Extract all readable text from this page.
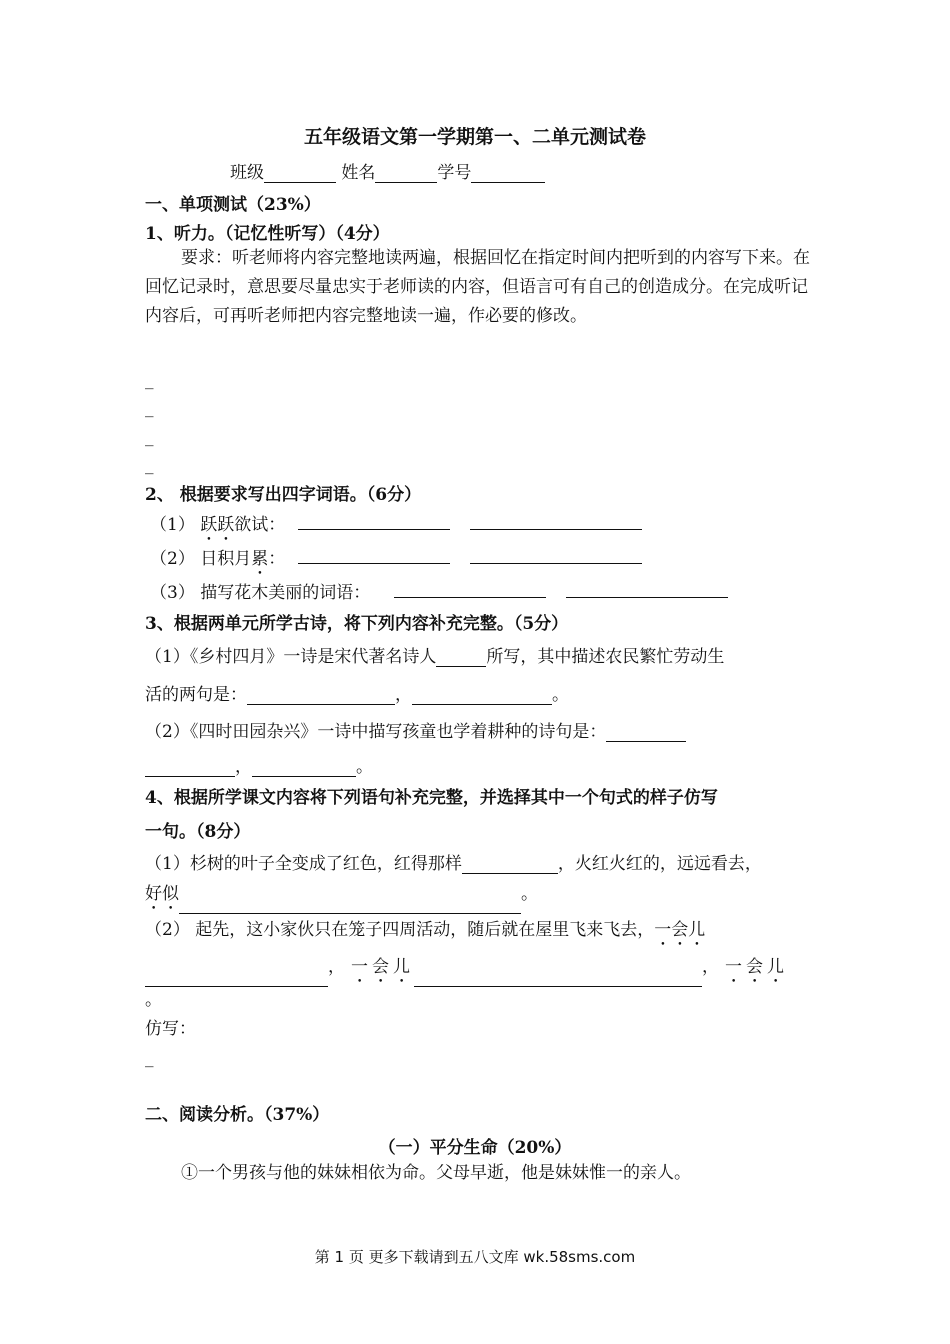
五年级语文第一学期第一、二单元测试卷
班级	姓名	学号
一、单项测试（23%）
1、听力。（记忆性听写）（4分）
要求：听老师将内容完整地读两遍，根据回忆在指定时间内把听到的内容写下来。在回忆记录时，意思要尽量忠实于老师读的内容，但语言可有自己的创造成分。在完成听记内容后，可再听老师把内容完整地读一遍，作必要的修改。
_
_
_
_
2、 根据要求写出四字词语。（6分）
（1） 跃跃欲试：
（2） 日积月累：
（3） 描写花木美丽的词语：
3、根据两单元所学古诗，将下列内容补充完整。（5分）
（1）《乡村四月》一诗是宋代著名诗人	所写，其中描述农民繁忙劳动生
活的两句是：	，	。
（2）《四时田园杂兴》一诗中描写孩童也学着耕种的诗句是：
，	。
4、根据所学课文内容将下列语句补充完整，并选择其中一个句式的样子仿写
一句。（8分）
（1）杉树的叶子全变成了红色，红得那样	，火红火红的，远远看去，
好似	。
（2） 起先，这小家伙只在笼子四周活动，随后就在屋里飞来飞去，一会儿
， 一会儿	， 一会儿
。
仿写：
_
二、阅读分析。（37%）
（一）平分生命（20%）
①一个男孩与他的妹妹相依为命。父母早逝，他是妹妹惟一的亲人。
第 1 页 更多下载请到五八文库 wk.58sms.com
